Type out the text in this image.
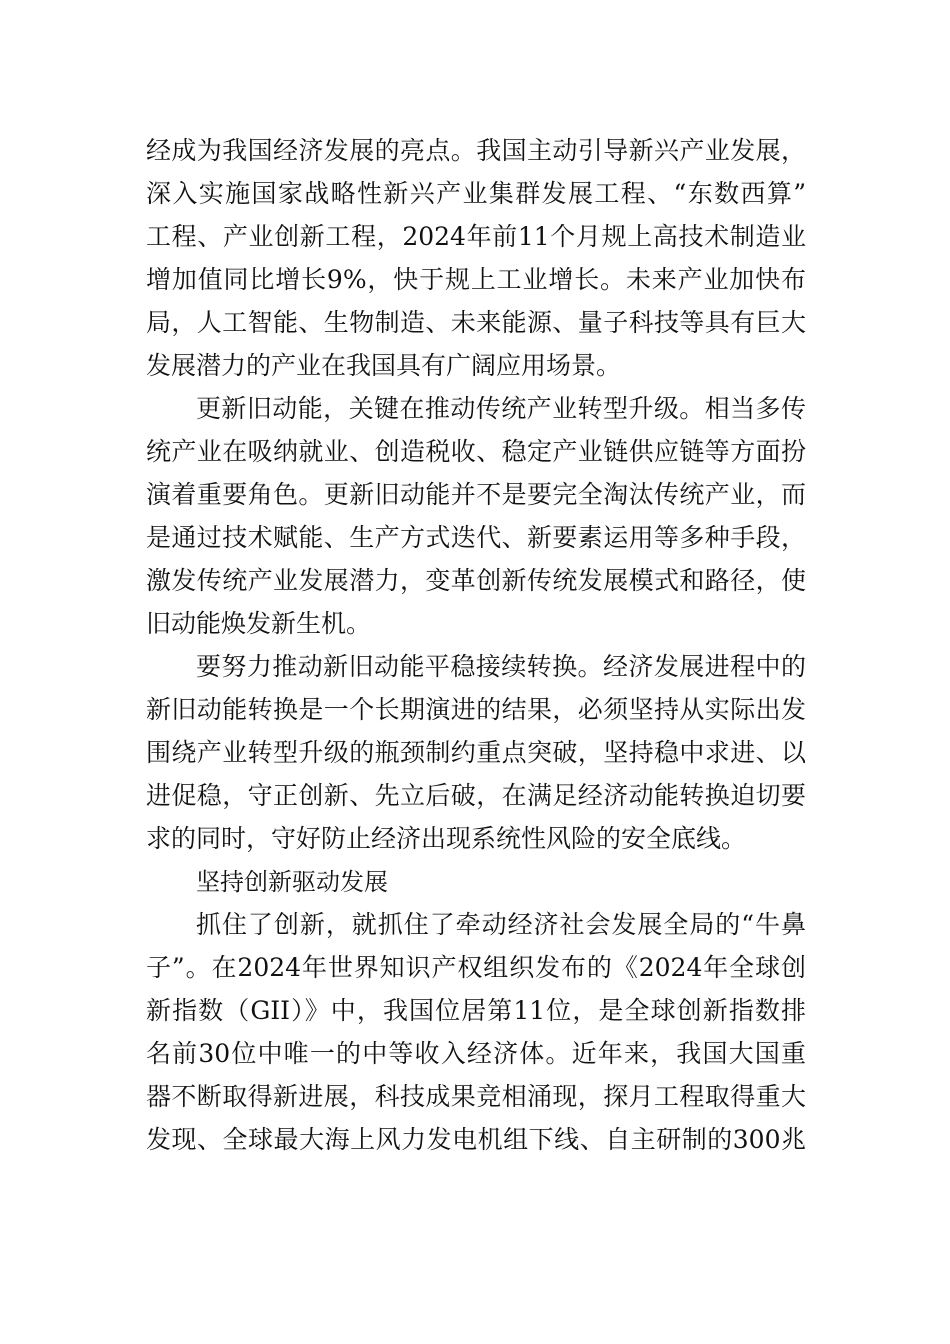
经成为我国经济发展的亮点。我国主动引导新兴产业发展，
深入实施国家战略性新兴产业集群发展工程、“东数西算”
工程、产业创新工程，2024年前11个月规上高技术制造业
增加值同比增长9%，快于规上工业增长。未来产业加快布
局，人工智能、生物制造、未来能源、量子科技等具有巨大
发展潜力的产业在我国具有广阔应用场景。
更新旧动能，关键在推动传统产业转型升级。相当多传
统产业在吸纳就业、创造税收、稳定产业链供应链等方面扮
演着重要角色。更新旧动能并不是要完全淘汰传统产业，而
是通过技术赋能、生产方式迭代、新要素运用等多种手段，
激发传统产业发展潜力，变革创新传统发展模式和路径，使
旧动能焕发新生机。
要努力推动新旧动能平稳接续转换。经济发展进程中的
新旧动能转换是一个长期演进的结果，必须坚持从实际出发
围绕产业转型升级的瓶颈制约重点突破，坚持稳中求进、以
进促稳，守正创新、先立后破，在满足经济动能转换迫切要
求的同时，守好防止经济出现系统性风险的安全底线。
坚持创新驱动发展
抓住了创新，就抓住了牵动经济社会发展全局的“牛鼻
子”。在2024年世界知识产权组织发布的《2024年全球创
新指数（GII）》中，我国位居第11位，是全球创新指数排
名前30位中唯一的中等收入经济体。近年来，我国大国重
器不断取得新进展，科技成果竞相涌现，探月工程取得重大
发现、全球最大海上风力发电机组下线、自主研制的300兆
